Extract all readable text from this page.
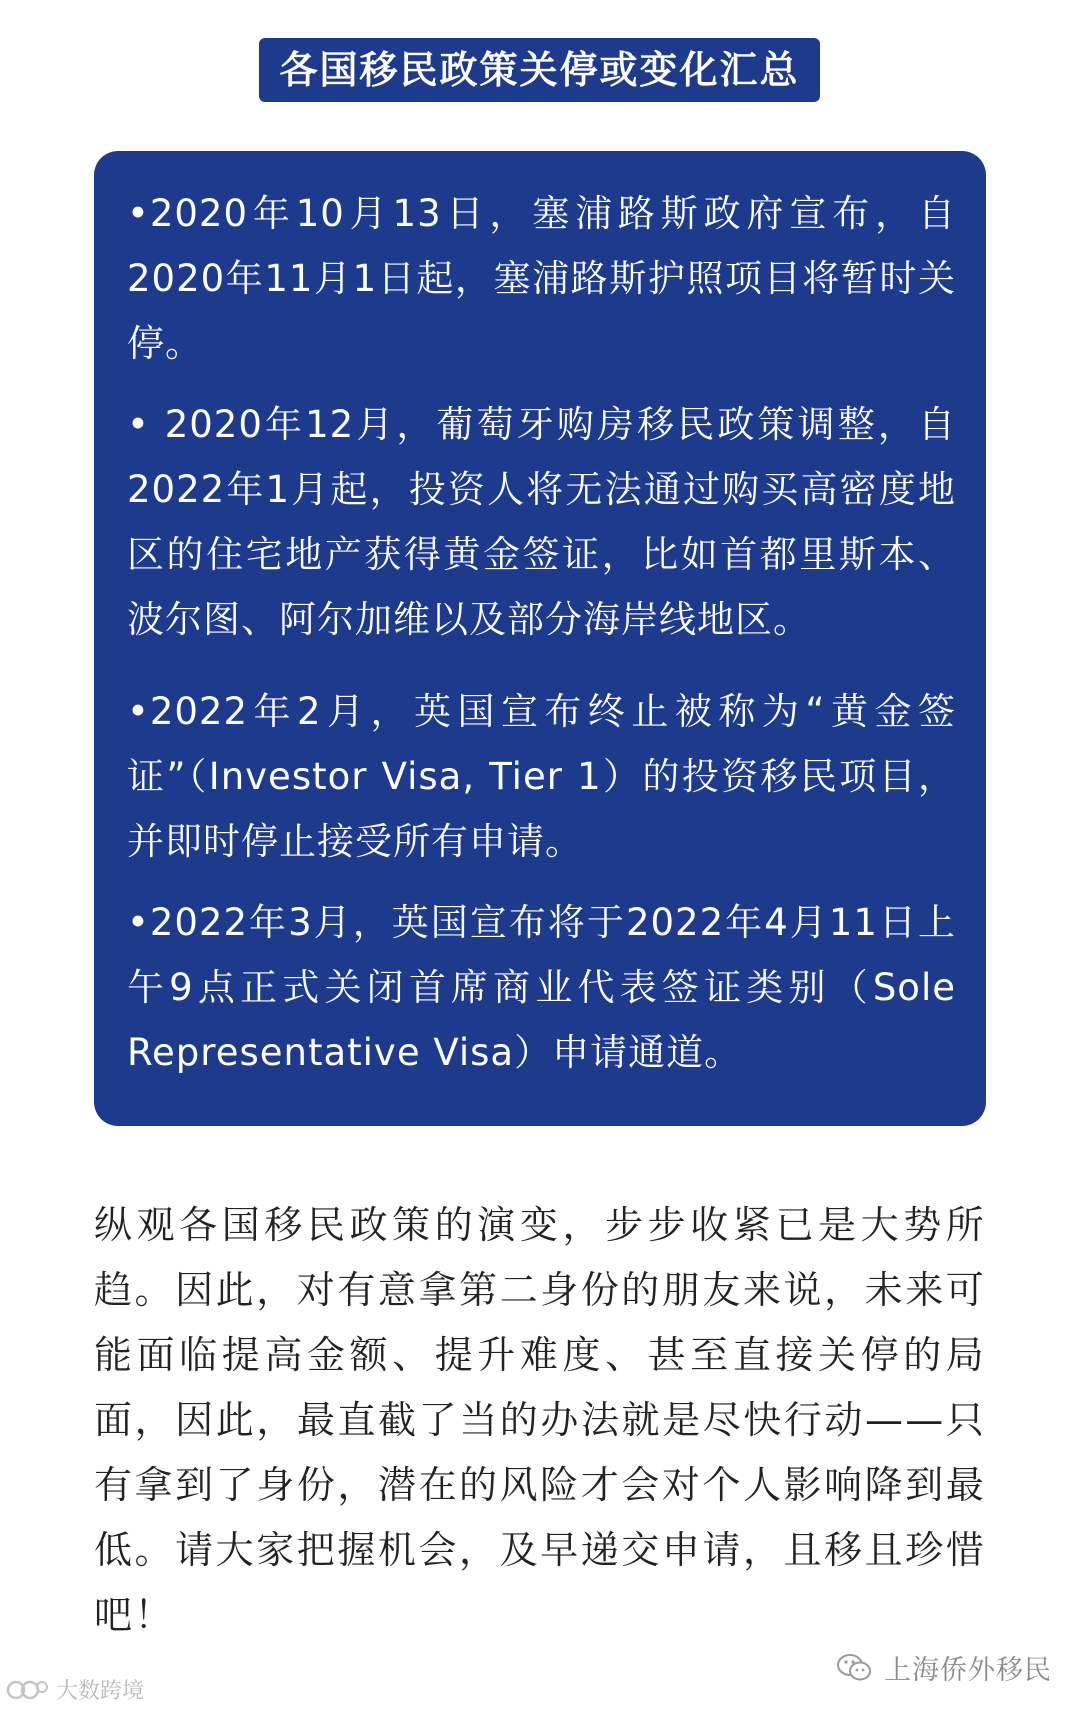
各国移民政策关停或变化汇总

•2020年10月13日，塞浦路斯政府宣布，自2020年11月1日起，塞浦路斯护照项目将暂时关停。

• 2020年12月，葡萄牙购房移民政策调整，自2022年1月起，投资人将无法通过购买高密度地区的住宅地产获得黄金签证，比如首都里斯本、波尔图、阿尔加维以及部分海岸线地区。

•2022年2月，英国宣布终止被称为“黄金签证”（Investor Visa, Tier 1）的投资移民项目，并即时停止接受所有申请。

•2022年3月，英国宣布将于2022年4月11日上午9点正式关闭首席商业代表签证类别（Sole Representative Visa）申请通道。

纵观各国移民政策的演变，步步收紧已是大势所趋。因此，对有意拿第二身份的朋友来说，未来可能面临提高金额、提升难度、甚至直接关停的局面，因此，最直截了当的办法就是尽快行动——只有拿到了身份，潜在的风险才会对个人影响降到最低。请大家把握机会，及早递交申请，且移且珍惜吧！

大数跨境
上海侨外移民
